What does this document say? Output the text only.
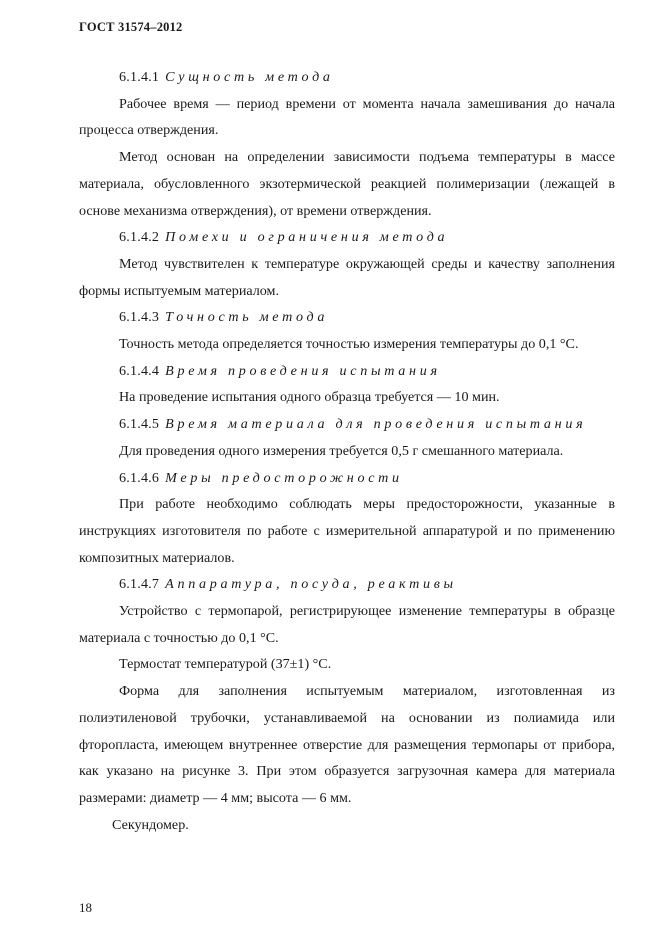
ГОСТ 31574–2012

6.1.4.1 Сущность метода

Рабочее время — период времени от момента начала замешивания до начала процесса отверждения.

Метод основан на определении зависимости подъема температуры в массе материала, обусловленного экзотермической реакцией полимеризации (лежащей в основе механизма отверждения), от времени отверждения.

6.1.4.2 Помехи и ограничения метода

Метод чувствителен к температуре окружающей среды и качеству заполнения формы испытуемым материалом.

6.1.4.3 Точность метода

Точность метода определяется точностью измерения температуры до 0,1 °С.

6.1.4.4 Время проведения испытания

На проведение испытания одного образца требуется — 10 мин.

6.1.4.5 Время материала для проведения испытания

Для проведения одного измерения требуется 0,5 г смешанного материала.

6.1.4.6 Меры предосторожности

При работе необходимо соблюдать меры предосторожности, указанные в инструкциях изготовителя по работе с измерительной аппаратурой и по применению композитных материалов.

6.1.4.7 Аппаратура, посуда, реактивы

Устройство с термопарой, регистрирующее изменение температуры в образце материала с точностью до 0,1 °С.

Термостат температурой (37±1) °С.

Форма для заполнения испытуемым материалом, изготовленная из полиэтиленовой трубочки, устанавливаемой на основании из полиамида или фторопласта, имеющем внутреннее отверстие для размещения термопары от прибора, как указано на рисунке 3. При этом образуется загрузочная камера для материала размерами: диаметр — 4 мм; высота — 6 мм.

Секундомер.

18
